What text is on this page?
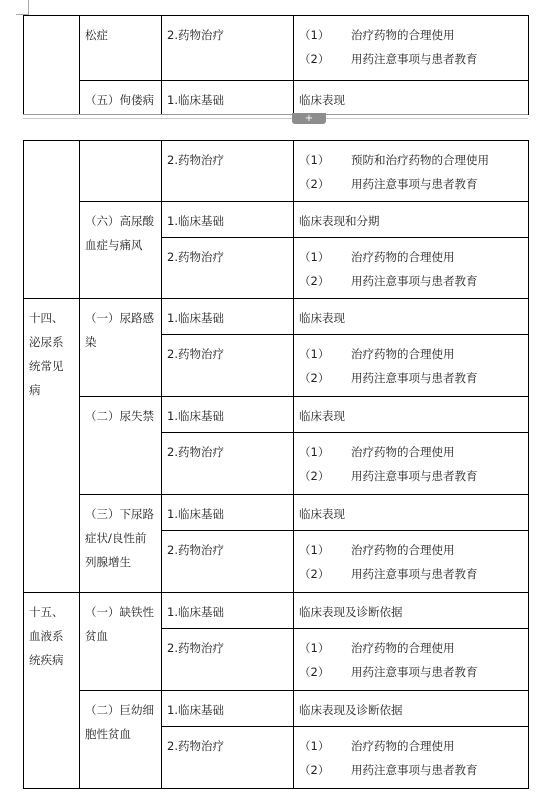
	松症	2.药物治疗	（1） 治疗药物的合理使用
（2） 用药注意事项与患者教育

	（五）佝偻病	1.临床基础	临床表现
+
		2.药物治疗	（1） 预防和治疗药物的合理使用
（2） 用药注意事项与患者教育

	（六）高尿酸血症与痛风	1.临床基础	临床表现和分期
		2.药物治疗	（1） 治疗药物的合理使用
（2） 用药注意事项与患者教育

十四、泌尿系统常见病	（一）尿路感染	1.临床基础	临床表现
		2.药物治疗	（1） 治疗药物的合理使用
（2） 用药注意事项与患者教育

	（二）尿失禁	1.临床基础	临床表现
		2.药物治疗	（1） 治疗药物的合理使用
（2） 用药注意事项与患者教育

	（三）下尿路症状/良性前列腺增生	1.临床基础	临床表现
		2.药物治疗	（1） 治疗药物的合理使用
（2） 用药注意事项与患者教育

十五、血液系统疾病	（一）缺铁性贫血	1.临床基础	临床表现及诊断依据
		2.药物治疗	（1） 治疗药物的合理使用
（2） 用药注意事项与患者教育

	（二）巨幼细胞性贫血	1.临床基础	临床表现及诊断依据
		2.药物治疗	（1） 治疗药物的合理使用
（2） 用药注意事项与患者教育
